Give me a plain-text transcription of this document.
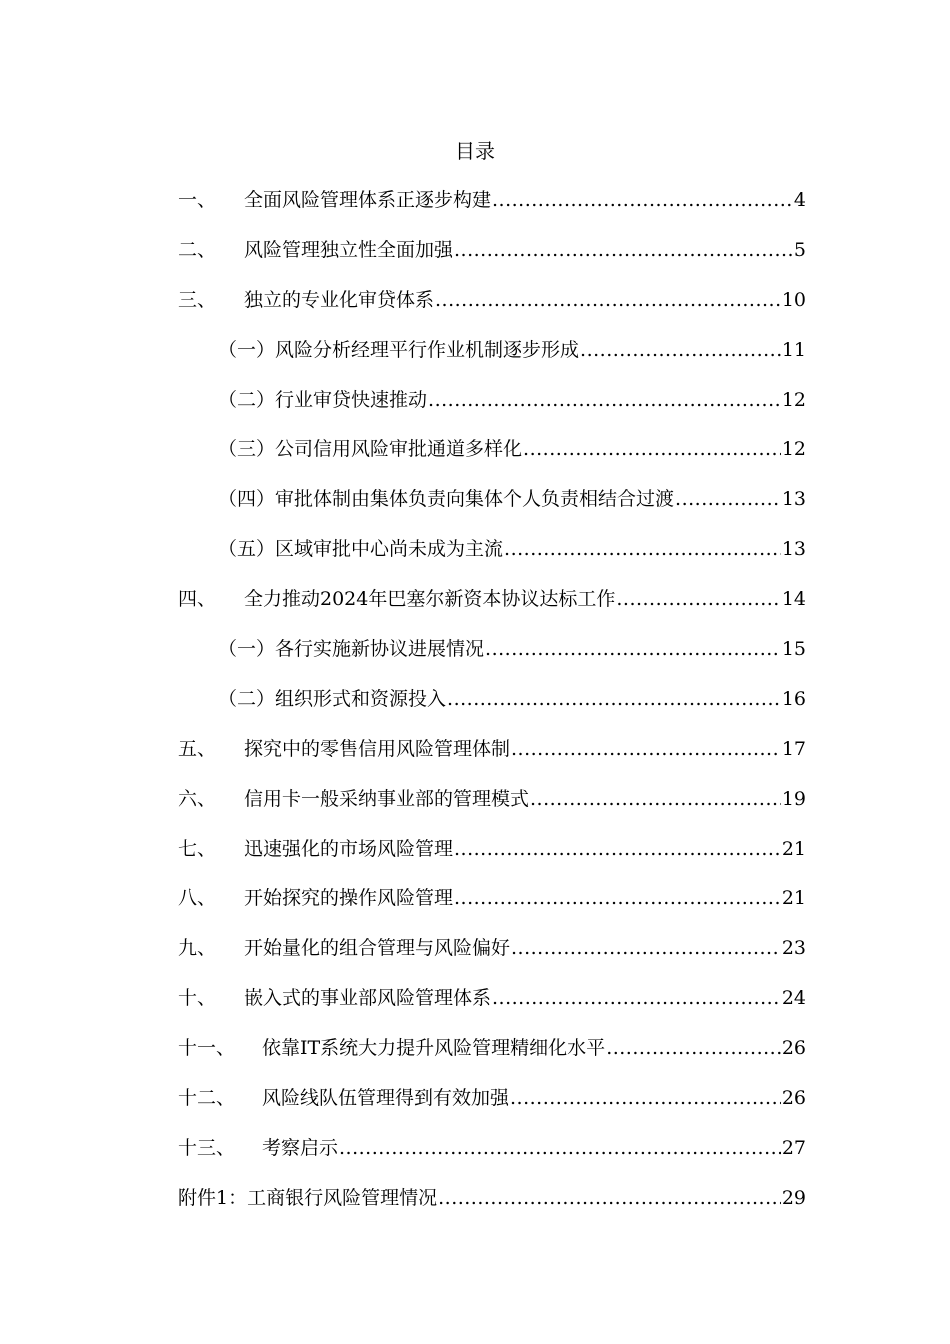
目录
一、	全面风险管理体系正逐步构建 .....	4
二、	风险管理独立性全面加强 .....	5
三、	独立的专业化审贷体系 .....	10
（一） 风险分析经理平行作业机制逐步形成 .....	11
（二） 行业审贷快速推动 .....	12
（三） 公司信用风险审批通道多样化 .....	12
（四） 审批体制由集体负责向集体个人负责相结合过渡 .....	13
（五） 区域审批中心尚未成为主流 .....	13
四、	全力推动2024年巴塞尔新资本协议达标工作 .....	14
（一） 各行实施新协议进展情况 .....	15
（二） 组织形式和资源投入 .....	16
五、	探究中的零售信用风险管理体制 .....	17
六、	信用卡一般采纳事业部的管理模式 .....	19
七、	迅速强化的市场风险管理 .....	21
八、	开始探究的操作风险管理 .....	21
九、	开始量化的组合管理与风险偏好 .....	23
十、	嵌入式的事业部风险管理体系 .....	24
十一、	依靠IT系统大力提升风险管理精细化水平 .....	26
十二、	风险线队伍管理得到有效加强 .....	26
十三、	考察启示 .....	27
附件1： 工商银行风险管理情况 .....	29
